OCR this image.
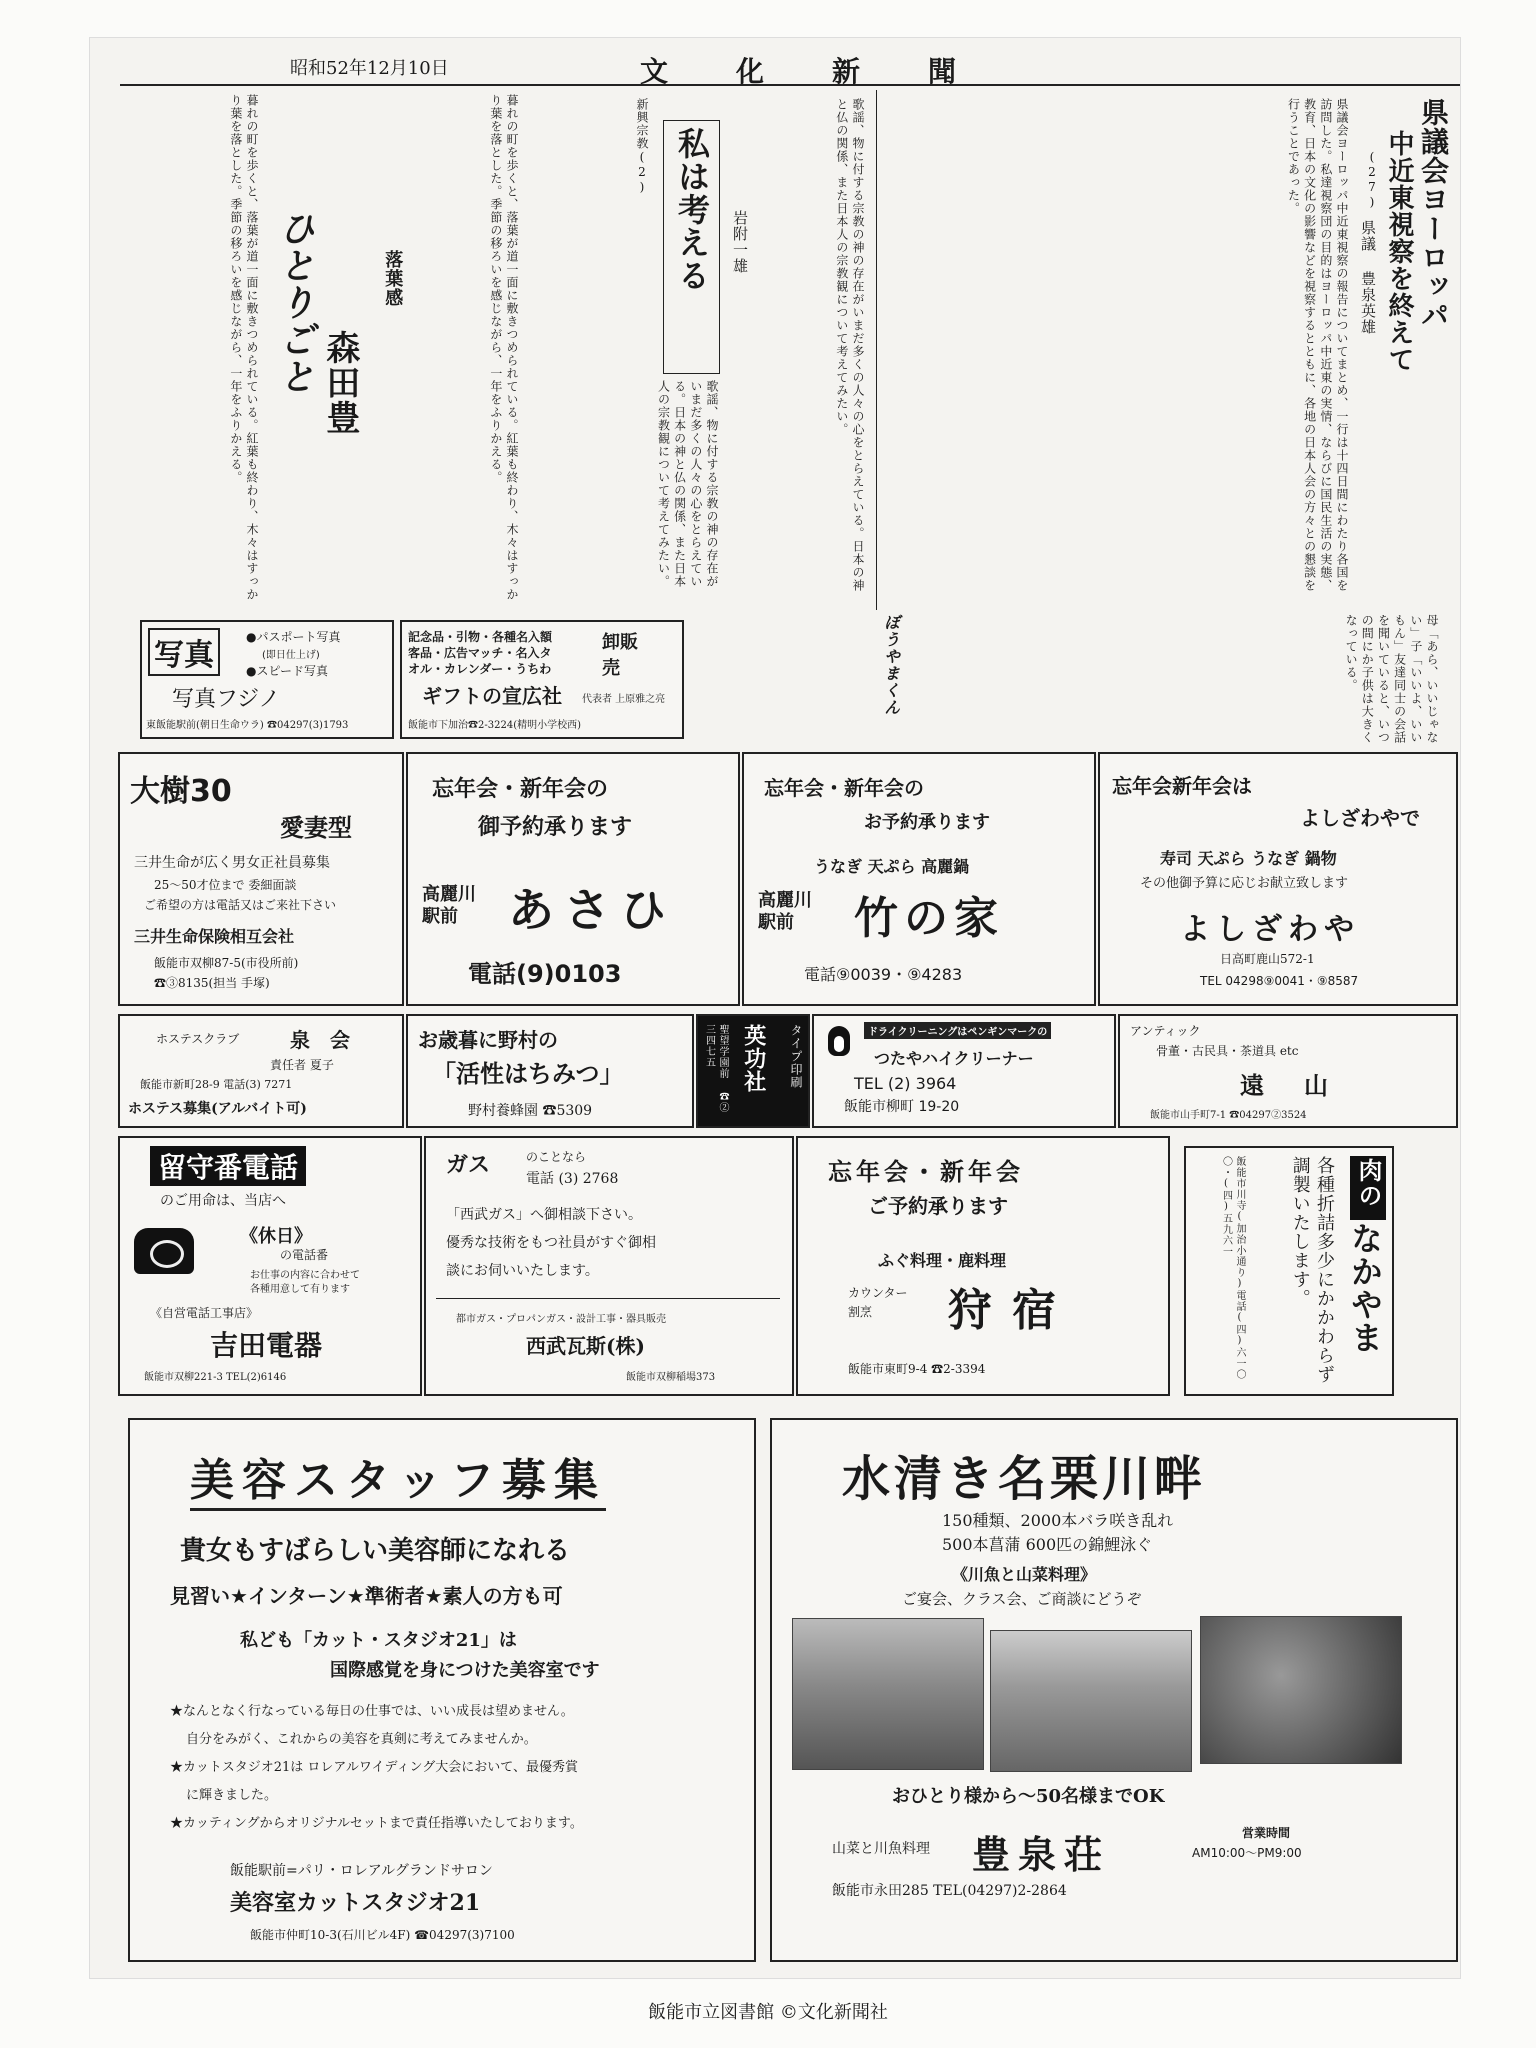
昭和52年12月10日	文化新聞
県議会ヨーロッパ
中近東視察を終えて
(27)
県議 豊泉英雄
県議会ヨーロッパ中近東視察の報告についてまとめ、一行は十四日間にわたり各国を訪問した。私達視察団の目的はヨーロッパ中近東の実情、ならびに国民生活の実態、教育、日本の文化の影響などを視察するとともに、各地の日本人会の方々との懇談を行うことであった。
私は考える
新興宗教(2)
岩附一雄	歌謡、物に付する宗教の神の存在がいまだ多くの人々の心をとらえている。日本の神と仏の関係、また日本人の宗教観について考えてみたい。
歌謡、物に付する宗教の神の存在がいまだ多くの人々の心をとらえている。日本の神と仏の関係、また日本人の宗教観について考えてみたい。
ひとりごと 森田豊
落葉感	暮れの町を歩くと、落葉が道一面に敷きつめられている。紅葉も終わり、木々はすっかり葉を落とした。季節の移ろいを感じながら、一年をふりかえる。
暮れの町を歩くと、落葉が道一面に敷きつめられている。紅葉も終わり、木々はすっかり葉を落とした。季節の移ろいを感じながら、一年をふりかえる。
ぼうやまくん	母「あら、いいじゃない」子「いいよ、いいもん」友達同士の会話を聞いていると、いつの間にか子供は大きくなっている。
写真
●パスポート写真
(即日仕上げ)
●スピード写真
写真フジノ
東飯能駅前(朝日生命ウラ) ☎04297(3)1793
記念品・引物・各種名入額
客品・広告マッチ・名入タ
オル・カレンダー・うちわ
卸販売
ギフトの宣広社 代表者 上原雅之亮
飯能市下加治☎2-3224(精明小学校西)
大樹30
愛妻型
三井生命が広く男女正社員募集
25〜50才位まで 委細面談
ご希望の方は電話又はご来社下さい
三井生命保険相互会社
飯能市双柳87-5(市役所前)
☎③8135(担当 手塚)
忘年会・新年会の
御予約承ります
高麗川駅前	あさひ
電話(9)0103
忘年会・新年会の
お予約承ります
うなぎ 天ぷら 高麗鍋
高麗川駅前	竹の家
電話⑨0039・⑨4283
忘年会新年会は
よしざわやで
寿司 天ぷら うなぎ 鍋物
その他御予算に応じお献立致します
よしざわや
日高町鹿山572-1
TEL 04298⑨0041・⑨8587
ホステスクラブ	泉会
責任者 夏子
飯能市新町28-9 電話(3) 7271
ホステス募集(アルバイト可)
お歳暮に野村の
「活性はちみつ」
野村養蜂園 ☎5309
英功社 タイプ印刷
聖望学園前 ☎②三四七五	ドライクリーニングはペンギンマークの
つたやハイクリーナー
TEL (2) 3964
飯能市柳町 19-20
アンティック
骨董・古民具・茶道具 etc
遠山
飯能市山手町7-1 ☎04297②3524
留守番電話
のご用命は、当店へ
《休日》
の電話番
お仕事の内容に合わせて
各種用意して有ります
《自営電話工事店》
吉田電器
飯能市双柳221-3 TEL(2)6146
ガス	のことなら
電話 (3) 2768
「西武ガス」へ御相談下さい。
優秀な技術をもつ社員がすぐ御相
談にお伺いいたします。
都市ガス・プロパンガス・設計工事・器具販売
西武瓦斯(株)
飯能市双柳稲場373
忘年会・新年会
ご予約承ります
ふぐ料理・鹿料理
カウンター割烹	狩宿
飯能市東町9-4 ☎2-3394
肉の
なかやま
各種折詰多少にかかわらず調製いたします。
飯能市川寺(加治小通り)電話(四)六一〇〇・(四)五九六一
美容スタッフ募集
貴女もすばらしい美容師になれる
見習い★インターン★準術者★素人の方も可
私ども「カット・スタジオ21」は
国際感覚を身につけた美容室です
★なんとなく行なっている毎日の仕事では、いい成長は望めません。
自分をみがく、これからの美容を真剣に考えてみませんか。
★カットスタジオ21は ロレアルワイディング大会において、最優秀賞
に輝きました。
★カッティングからオリジナルセットまで責任指導いたしております。
飯能駅前=パリ・ロレアルグランドサロン
美容室カットスタジオ21
飯能市仲町10-3(石川ビル4F) ☎04297(3)7100
水清き名栗川畔
150種類、2000本バラ咲き乱れ
500本菖蒲 600匹の錦鯉泳ぐ
《川魚と山菜料理》
ご宴会、クラス会、ご商談にどうぞ
おひとり様から〜50名様までOK
山菜と川魚料理 豊泉荘	営業時間
AM10:00〜PM9:00
飯能市永田285 TEL(04297)2-2864
飯能市立図書館 ©文化新聞社
